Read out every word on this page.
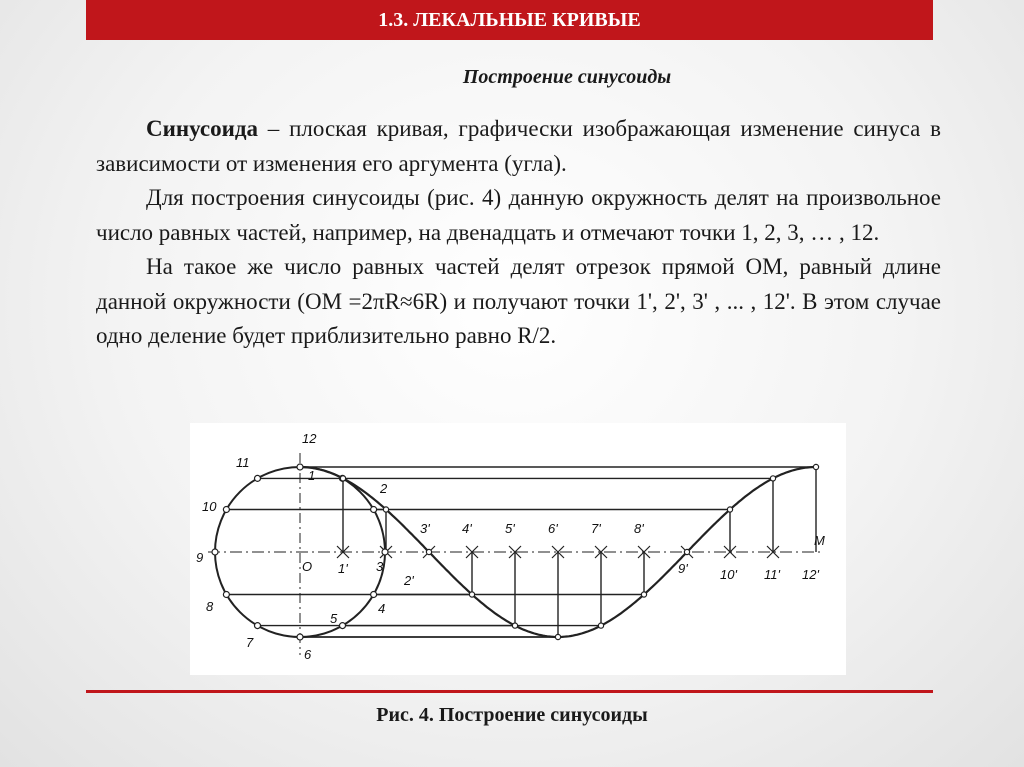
1.3. ЛЕКАЛЬНЫЕ КРИВЫЕ
Построение синусоиды

Синусоида – плоская кривая, графически изображающая изменение синуса в зависимости от изменения его аргумента (угла).

Для построения синусоиды (рис. 4) данную окружность делят на произвольное число равных частей, например, на двенадцать и отмечают точки 1, 2, 3, … , 12.

На такое же число равных частей делят отрезок прямой ОМ, равный длине данной окружности (ОМ =2πR≈6R) и получают точки 1', 2', 3' , ... , 12'. В этом случае одно деление будет приблизительно равно R/2.

1
2
3
4
5
6
7
8
9
10
11
12
O
M
1'
2'
3' 4'	5'	6'	7'	8'
9' 10' 11' 12'
Рис. 4. Построение синусоиды
